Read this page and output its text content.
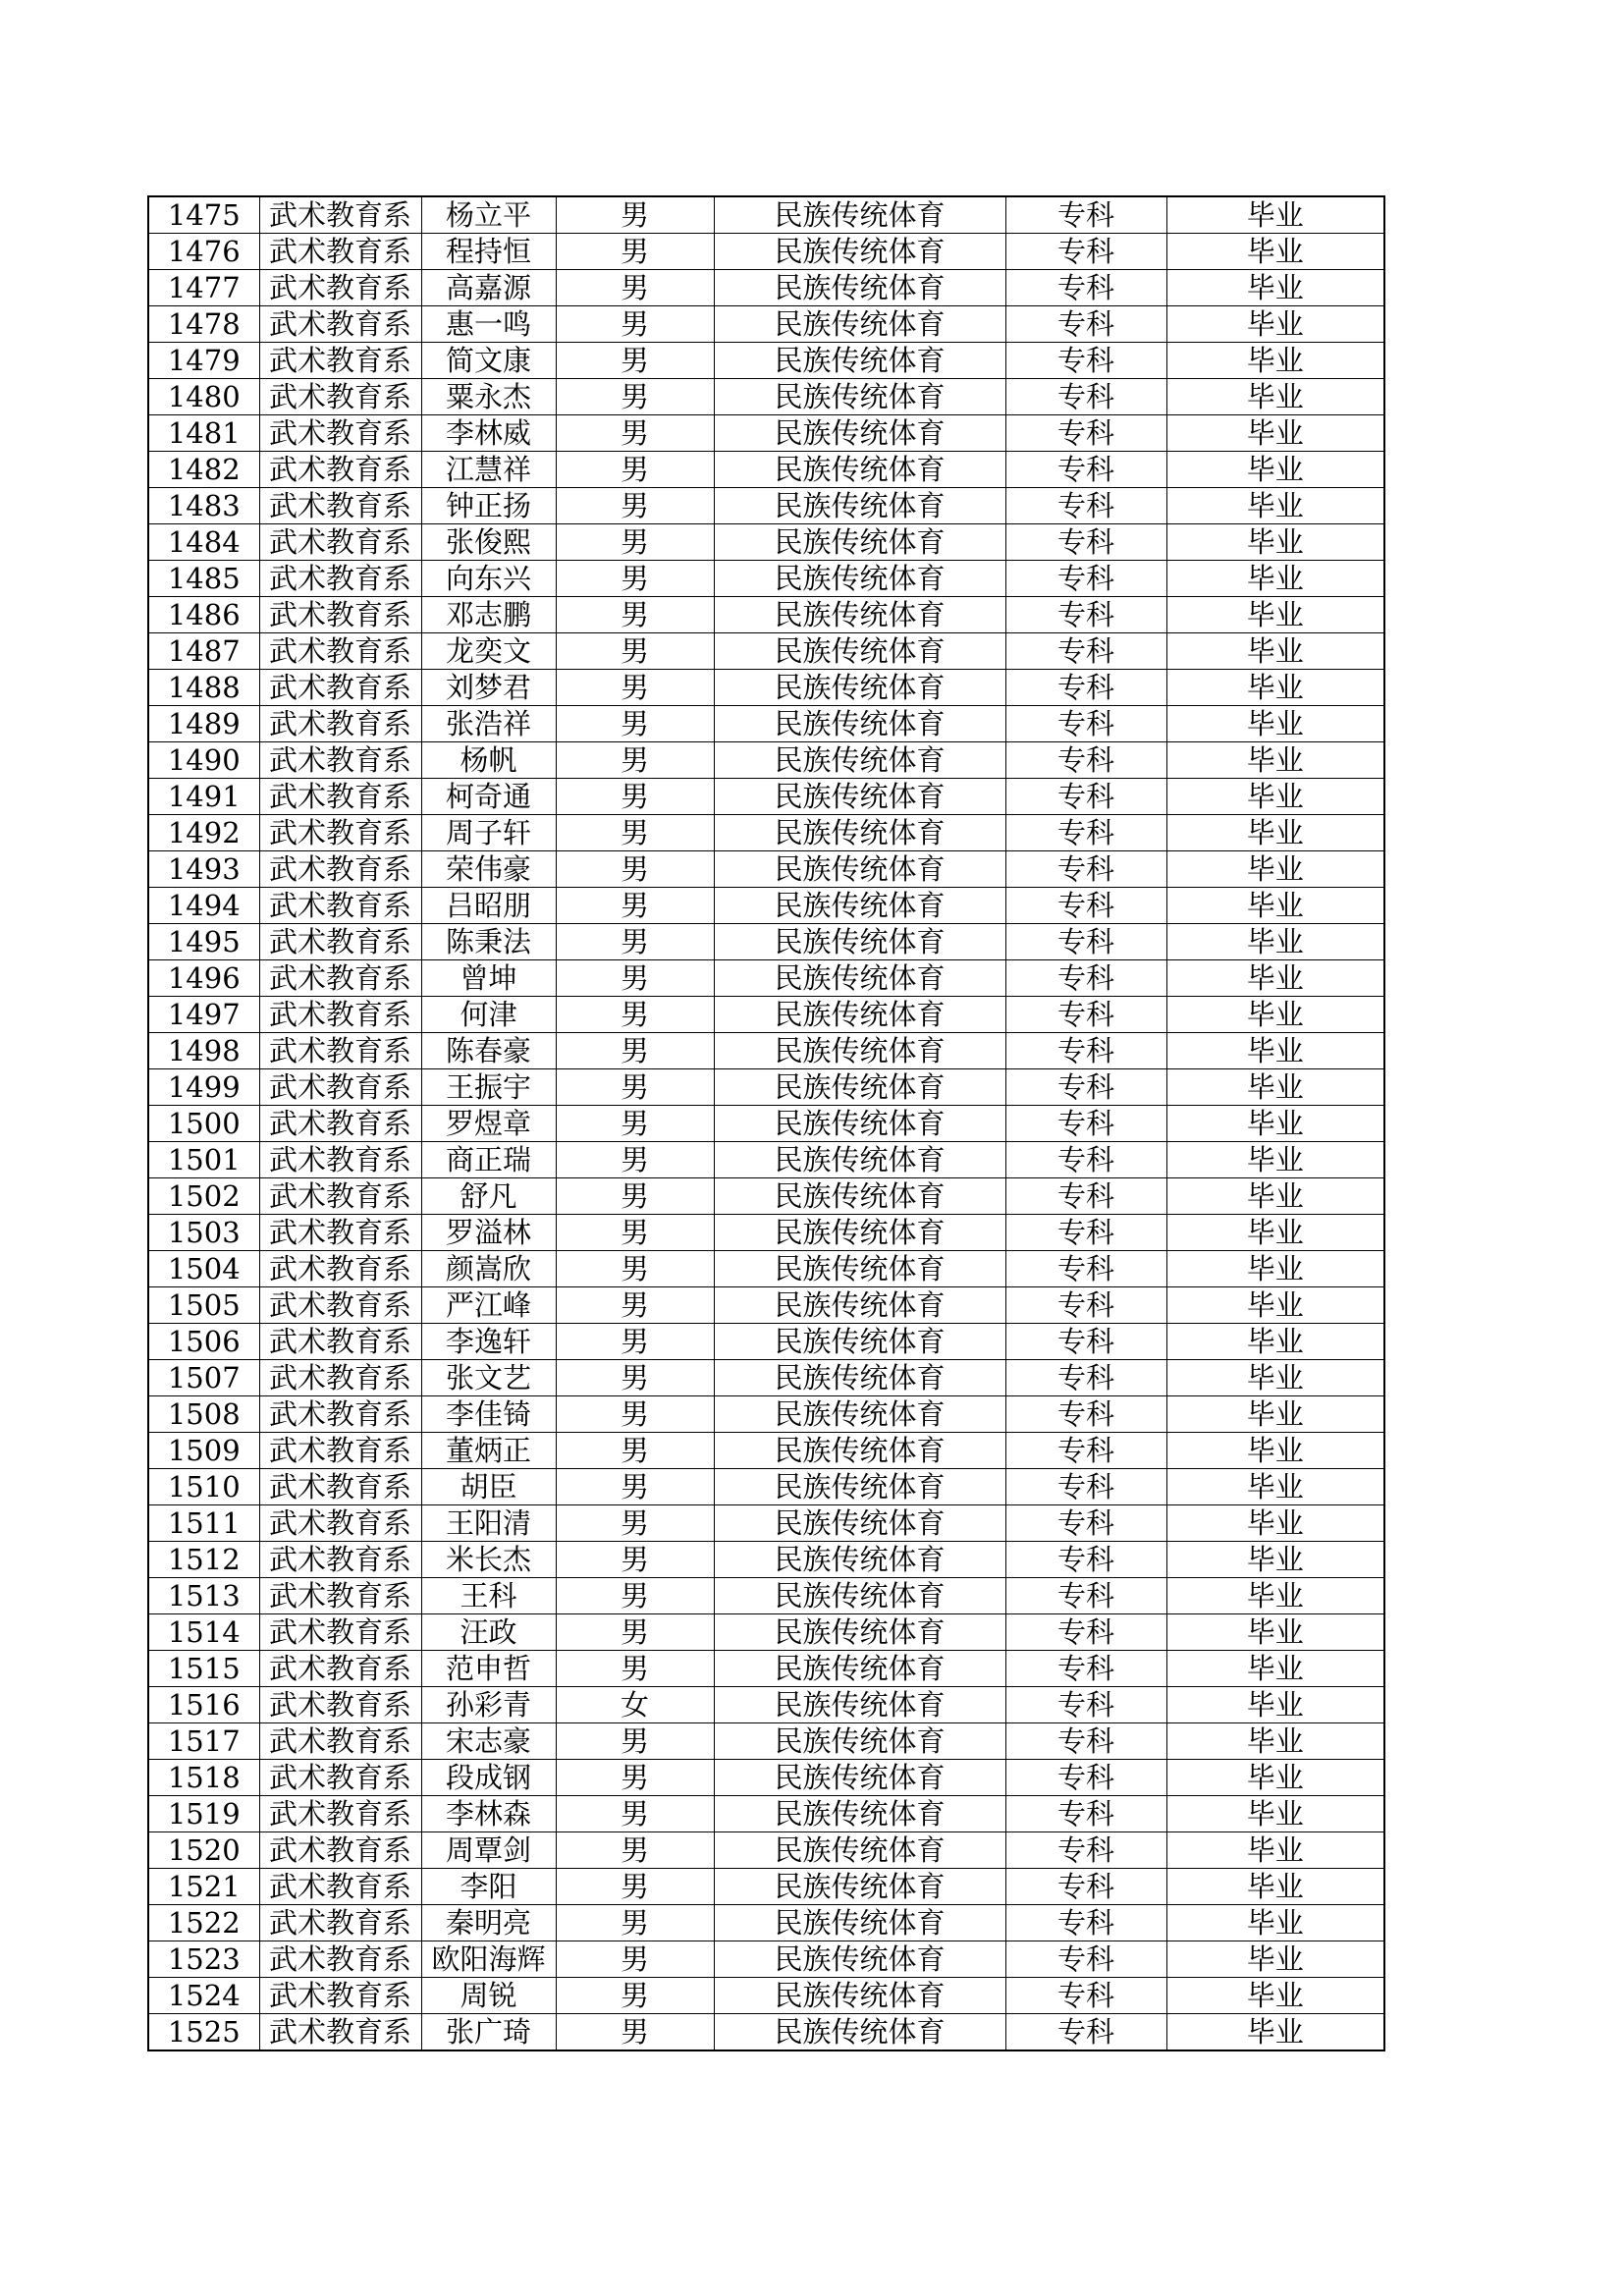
1475	武术教育系	杨立平	男	民族传统体育	专科	毕业
1476	武术教育系	程持恒	男	民族传统体育	专科	毕业
1477	武术教育系	高嘉源	男	民族传统体育	专科	毕业
1478	武术教育系	惠一鸣	男	民族传统体育	专科	毕业
1479	武术教育系	简文康	男	民族传统体育	专科	毕业
1480	武术教育系	粟永杰	男	民族传统体育	专科	毕业
1481	武术教育系	李林威	男	民族传统体育	专科	毕业
1482	武术教育系	江慧祥	男	民族传统体育	专科	毕业
1483	武术教育系	钟正扬	男	民族传统体育	专科	毕业
1484	武术教育系	张俊熙	男	民族传统体育	专科	毕业
1485	武术教育系	向东兴	男	民族传统体育	专科	毕业
1486	武术教育系	邓志鹏	男	民族传统体育	专科	毕业
1487	武术教育系	龙奕文	男	民族传统体育	专科	毕业
1488	武术教育系	刘梦君	男	民族传统体育	专科	毕业
1489	武术教育系	张浩祥	男	民族传统体育	专科	毕业
1490	武术教育系	杨帆	男	民族传统体育	专科	毕业
1491	武术教育系	柯奇通	男	民族传统体育	专科	毕业
1492	武术教育系	周子轩	男	民族传统体育	专科	毕业
1493	武术教育系	荣伟豪	男	民族传统体育	专科	毕业
1494	武术教育系	吕昭朋	男	民族传统体育	专科	毕业
1495	武术教育系	陈秉法	男	民族传统体育	专科	毕业
1496	武术教育系	曾坤	男	民族传统体育	专科	毕业
1497	武术教育系	何津	男	民族传统体育	专科	毕业
1498	武术教育系	陈春豪	男	民族传统体育	专科	毕业
1499	武术教育系	王振宇	男	民族传统体育	专科	毕业
1500	武术教育系	罗煜章	男	民族传统体育	专科	毕业
1501	武术教育系	商正瑞	男	民族传统体育	专科	毕业
1502	武术教育系	舒凡	男	民族传统体育	专科	毕业
1503	武术教育系	罗溢林	男	民族传统体育	专科	毕业
1504	武术教育系	颜嵩欣	男	民族传统体育	专科	毕业
1505	武术教育系	严江峰	男	民族传统体育	专科	毕业
1506	武术教育系	李逸轩	男	民族传统体育	专科	毕业
1507	武术教育系	张文艺	男	民族传统体育	专科	毕业
1508	武术教育系	李佳锜	男	民族传统体育	专科	毕业
1509	武术教育系	董炳正	男	民族传统体育	专科	毕业
1510	武术教育系	胡臣	男	民族传统体育	专科	毕业
1511	武术教育系	王阳清	男	民族传统体育	专科	毕业
1512	武术教育系	米长杰	男	民族传统体育	专科	毕业
1513	武术教育系	王科	男	民族传统体育	专科	毕业
1514	武术教育系	汪政	男	民族传统体育	专科	毕业
1515	武术教育系	范申哲	男	民族传统体育	专科	毕业
1516	武术教育系	孙彩青	女	民族传统体育	专科	毕业
1517	武术教育系	宋志豪	男	民族传统体育	专科	毕业
1518	武术教育系	段成钢	男	民族传统体育	专科	毕业
1519	武术教育系	李林森	男	民族传统体育	专科	毕业
1520	武术教育系	周覃剑	男	民族传统体育	专科	毕业
1521	武术教育系	李阳	男	民族传统体育	专科	毕业
1522	武术教育系	秦明亮	男	民族传统体育	专科	毕业
1523	武术教育系	欧阳海辉	男	民族传统体育	专科	毕业
1524	武术教育系	周锐	男	民族传统体育	专科	毕业
1525	武术教育系	张广琦	男	民族传统体育	专科	毕业
